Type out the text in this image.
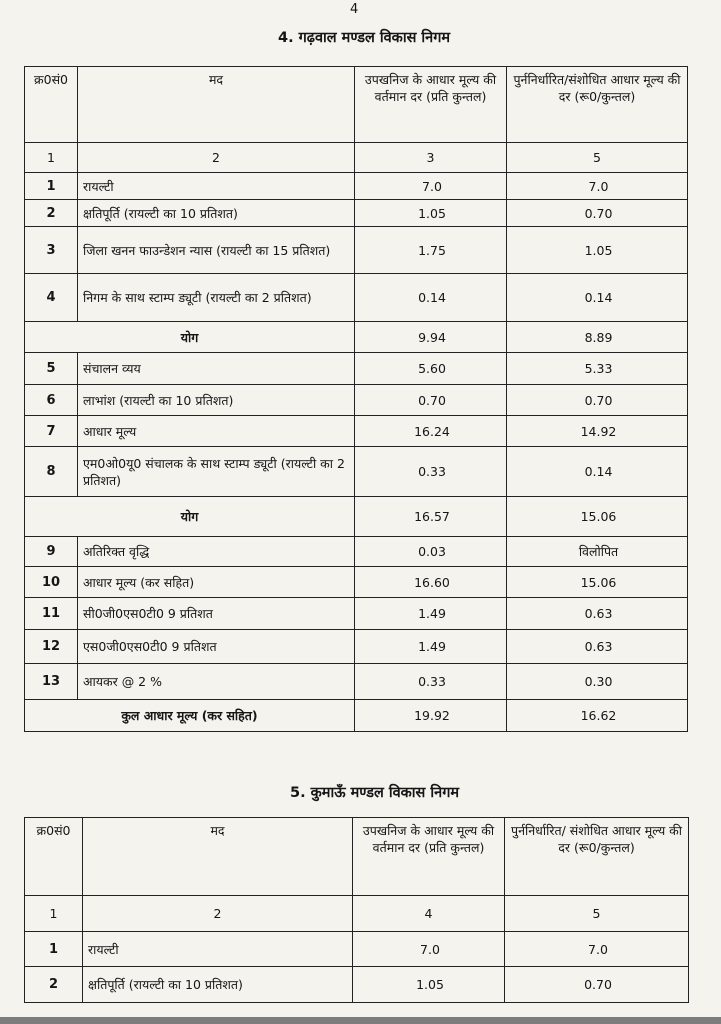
4
4. गढ़वाल मण्डल विकास निगम
क्र0सं0	मद	उपखनिज के आधार मूल्य की वर्तमान दर (प्रति कुन्तल)	पुर्ननिर्धारित/संशोधित आधार मूल्य की दर (रू0/कुन्तल)
1	2	3	5
1	रायल्टी	7.0	7.0
2	क्षतिपूर्ति (रायल्टी का 10 प्रतिशत)	1.05	0.70
3	जिला खनन फाउन्डेशन न्यास (रायल्टी का 15 प्रतिशत)	1.75	1.05
4	निगम के साथ स्टाम्प ड्यूटी (रायल्टी का 2 प्रतिशत)	0.14	0.14
योग		9.94	8.89
5	संचालन व्यय	5.60	5.33
6	लाभांश (रायल्टी का 10 प्रतिशत)	0.70	0.70
7	आधार मूल्य	16.24	14.92
8	एम0ओ0यू0 संचालक के साथ स्टाम्प ड्यूटी (रायल्टी का 2 प्रतिशत)	0.33	0.14
योग		16.57	15.06
9	अतिरिक्त वृद्धि	0.03	विलोपित
10	आधार मूल्य (कर सहित)	16.60	15.06
11	सी0जी0एस0टी0 9 प्रतिशत	1.49	0.63
12	एस0जी0एस0टी0 9 प्रतिशत	1.49	0.63
13	आयकर @ 2 %	0.33	0.30
कुल आधार मूल्य (कर सहित)		19.92	16.62
5. कुमाऊँ मण्डल विकास निगम
क्र0सं0	मद	उपखनिज के आधार मूल्य की वर्तमान दर (प्रति कुन्तल)	पुर्ननिर्धारित/ संशोधित आधार मूल्य की दर (रू0/कुन्तल)
1	2	4	5
1	रायल्टी	7.0	7.0
2	क्षतिपूर्ति (रायल्टी का 10 प्रतिशत)	1.05	0.70
